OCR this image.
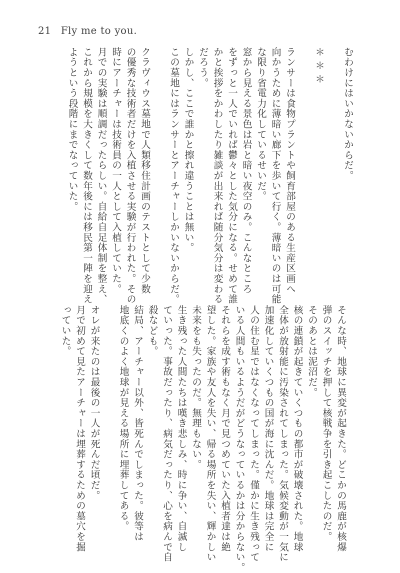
21 Fly me to you.
むわけにはいかないからだ。
＊＊＊
ランサーは食物プラントや飼育部屋のある生産区画へ
向かうために薄暗い廊下を歩いて行く。薄暗いのは可能
な限り省電力化しているせいだ。
窓から見える景色は岩と暗い夜空のみ。こんなところ
をずっと一人でいれば鬱々とした気分になる。せめて誰
かと挨拶をかわしたり雑談が出来れば随分気分は変わる
だろう。
しかし、ここで誰かと擦れ違うことは無い。
この墓地にはランサーとアーチャーしかいないからだ。
クラヴィウス墓地で人類移住計画のテストとして少数
の優秀な技術者だけを入植させる実験が行われた。その
時にアーチャーは技術員の一人として入植していた。
月での実験は順調だったらしい。自給自足体制を整え、
これから規模を大きくして数年後には移民第一陣を迎え
ようという段階にまでなっていた。
そんな時、地球に異変が起きた。どこかの馬鹿が核爆
弾のスイッチを押して核戦争を引き起こしたのだ。
そのあとは泥沼だ。
核の連鎖が起きていくつもの都市が破壊された。地球
全体が放射能に汚染されてしまった。気候変動が一気に
加速化していくつもの国が海に沈んだ。地球は完全に
人の住む星ではなくなってしまった。僅かに生き残って
いる人間もいるようだがどうなっているかは分からない。
それらを成す術もなく月で見つめていた入植者達は絶
望した。家族や友人を失い、帰る場所を失い、輝かしい
未来をも失ったのだ。無理もない。
生き残った人間たちは嘆き悲しみ、時に争い、自滅し
ていった。事故だったり、病気だったり、心を病んで自
殺なども。
結局、アーチャー以外、皆死んでしまった。彼等は
地底くのよく地球が見える場所に埋葬してある。
オレが来たのは最後の一人が死んだ頃だ。
月で初めて見たアーチャーは埋葬するための墓穴を掘
っていた。
